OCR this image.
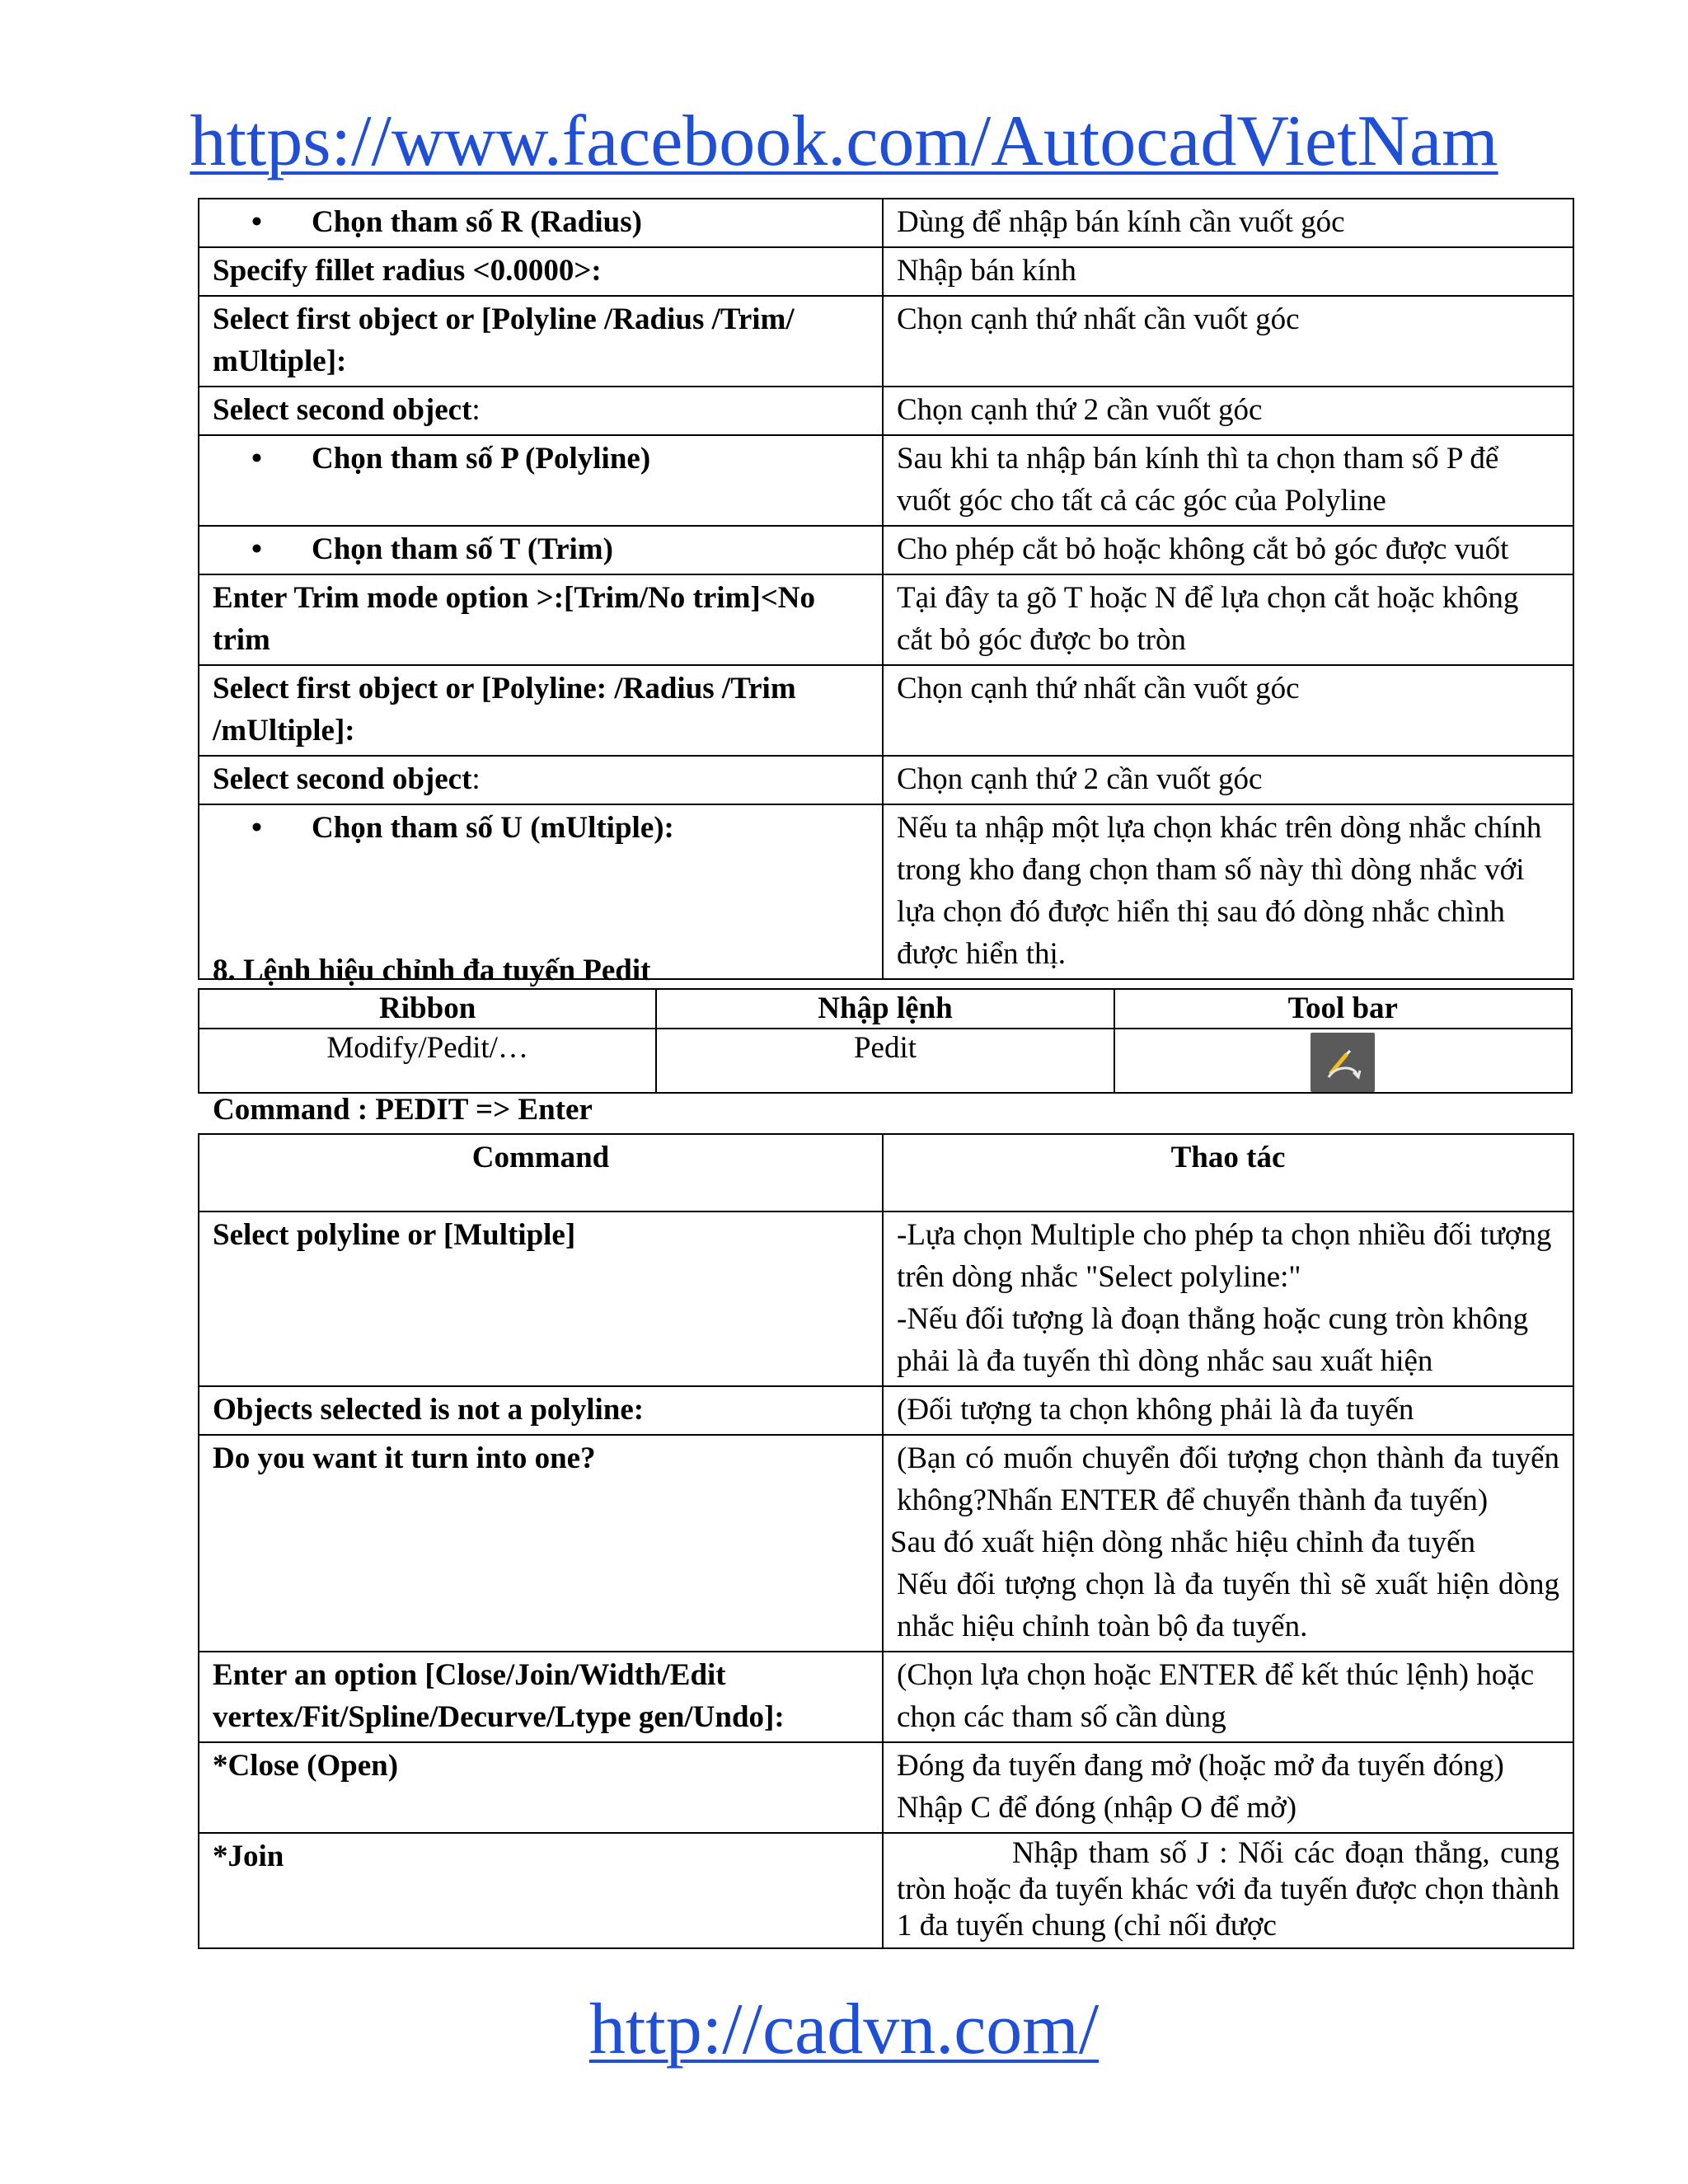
https://www.facebook.com/AutocadVietNam
• Chọn tham số R (Radius)	Dùng để nhập bán kính cần vuốt góc
Specify fillet radius <0.0000>:	Nhập bán kính
Select first object or [Polyline /Radius /Trim/ mUltiple]:	Chọn cạnh thứ nhất cần vuốt góc
Select second object:	Chọn cạnh thứ 2 cần vuốt góc
• Chọn tham số P (Polyline)	Sau khi ta nhập bán kính thì ta chọn tham số P để vuốt góc cho tất cả các góc của Polyline
• Chọn tham số T (Trim)	Cho phép cắt bỏ hoặc không cắt bỏ góc được vuốt
Enter Trim mode option >:[Trim/No trim]<No trim	Tại đây ta gõ T hoặc N để lựa chọn cắt hoặc không cắt bỏ góc được bo tròn
Select first object or [Polyline: /Radius /Trim /mUltiple]:	Chọn cạnh thứ nhất cần vuốt góc
Select second object:	Chọn cạnh thứ 2 cần vuốt góc
• Chọn tham số U (mUltiple):	Nếu ta nhập một lựa chọn khác trên dòng nhắc chính trong kho đang chọn tham số này thì dòng nhắc với lựa chọn đó được hiển thị sau đó dòng nhắc chình được hiển thị.
8. Lệnh hiệu chỉnh đa tuyến Pedit
Ribbon	Nhập lệnh	Tool bar
Modify/Pedit/…	Pedit	
Command : PEDIT => Enter
Command	Thao tác
Select polyline or [Multiple]	-Lựa chọn Multiple cho phép ta chọn nhiều đối tượng trên dòng nhắc "Select polyline:"
-Nếu đối tượng là đoạn thẳng hoặc cung tròn không phải là đa tuyến thì dòng nhắc sau xuất hiện

Objects selected is not a polyline:	(Đối tượng ta chọn không phải là đa tuyến

Do you want it turn into one?	(Bạn có muốn chuyển đối tượng chọn thành đa tuyến không?Nhấn ENTER để chuyển thành đa tuyến)
Sau đó xuất hiện dòng nhắc hiệu chỉnh đa tuyến
Nếu đối tượng chọn là đa tuyến thì sẽ xuất hiện dòng nhắc hiệu chỉnh toàn bộ đa tuyến.

Enter an option [Close/Join/Width/Edit vertex/Fit/Spline/Decurve/Ltype gen/Undo]:	(Chọn lựa chọn hoặc ENTER để kết thúc lệnh) hoặc chọn các tham số cần dùng

*Close (Open)	Đóng đa tuyến đang mở (hoặc mở đa tuyến đóng)
Nhập C để đóng (nhập O để mở)

*Join	Nhập tham số J : Nối các đoạn thẳng, cung tròn hoặc đa tuyến khác với đa tuyến được chọn thành 1 đa tuyến chung (chỉ nối được
http://cadvn.com/
